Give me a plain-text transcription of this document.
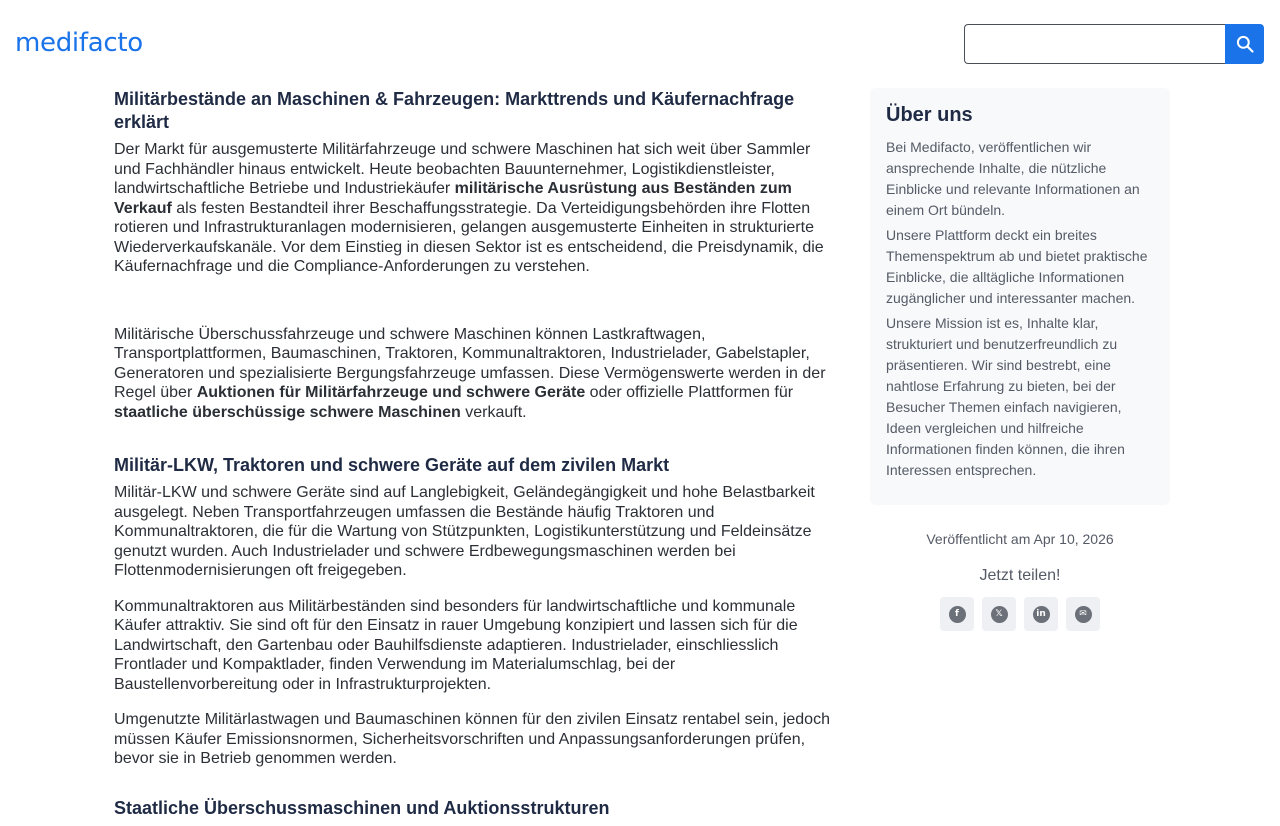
medifacto
Militärbestände an Maschinen & Fahrzeugen: Markttrends und Käufernachfrage erklärt

Der Markt für ausgemusterte Militärfahrzeuge und schwere Maschinen hat sich weit über Sammler und Fachhändler hinaus entwickelt. Heute beobachten Bauunternehmer, Logistikdienstleister, landwirtschaftliche Betriebe und Industriekäufer militärische Ausrüstung aus Beständen zum Verkauf als festen Bestandteil ihrer Beschaffungsstrategie. Da Verteidigungsbehörden ihre Flotten rotieren und Infrastrukturanlagen modernisieren, gelangen ausgemusterte Einheiten in strukturierte Wiederverkaufskanäle. Vor dem Einstieg in diesen Sektor ist es entscheidend, die Preisdynamik, die Käufernachfrage und die Compliance-Anforderungen zu verstehen.

Militärische Überschussfahrzeuge und schwere Maschinen können Lastkraftwagen, Transportplattformen, Baumaschinen, Traktoren, Kommunaltraktoren, Industrielader, Gabelstapler, Generatoren und spezialisierte Bergungsfahrzeuge umfassen. Diese Vermögenswerte werden in der Regel über Auktionen für Militärfahrzeuge und schwere Geräte oder offizielle Plattformen für staatliche überschüssige schwere Maschinen verkauft.

Militär-LKW, Traktoren und schwere Geräte auf dem zivilen Markt

Militär-LKW und schwere Geräte sind auf Langlebigkeit, Geländegängigkeit und hohe Belastbarkeit ausgelegt. Neben Transportfahrzeugen umfassen die Bestände häufig Traktoren und Kommunaltraktoren, die für die Wartung von Stützpunkten, Logistikunterstützung und Feldeinsätze genutzt wurden. Auch Industrielader und schwere Erdbewegungsmaschinen werden bei Flottenmodernisierungen oft freigegeben.

Kommunaltraktoren aus Militärbeständen sind besonders für landwirtschaftliche und kommunale Käufer attraktiv. Sie sind oft für den Einsatz in rauer Umgebung konzipiert und lassen sich für die Landwirtschaft, den Gartenbau oder Bauhilfsdienste adaptieren. Industrielader, einschliesslich Frontlader und Kompaktlader, finden Verwendung im Materialumschlag, bei der Baustellenvorbereitung oder in Infrastrukturprojekten.

Umgenutzte Militärlastwagen und Baumaschinen können für den zivilen Einsatz rentabel sein, jedoch müssen Käufer Emissionsnormen, Sicherheitsvorschriften und Anpassungsanforderungen prüfen, bevor sie in Betrieb genommen werden.

Staatliche Überschussmaschinen und Auktionsstrukturen
Über uns

Bei Medifacto, veröffentlichen wir ansprechende Inhalte, die nützliche Einblicke und relevante Informationen an einem Ort bündeln.

Unsere Plattform deckt ein breites Themenspektrum ab und bietet praktische Einblicke, die alltägliche Informationen zugänglicher und interessanter machen.

Unsere Mission ist es, Inhalte klar, strukturiert und benutzerfreundlich zu präsentieren. Wir sind bestrebt, eine nahtlose Erfahrung zu bieten, bei der Besucher Themen einfach navigieren, Ideen vergleichen und hilfreiche Informationen finden können, die ihren Interessen entsprechen.

Veröffentlicht am Apr 10, 2026
Jetzt teilen!
f	𝕏	in	✉
